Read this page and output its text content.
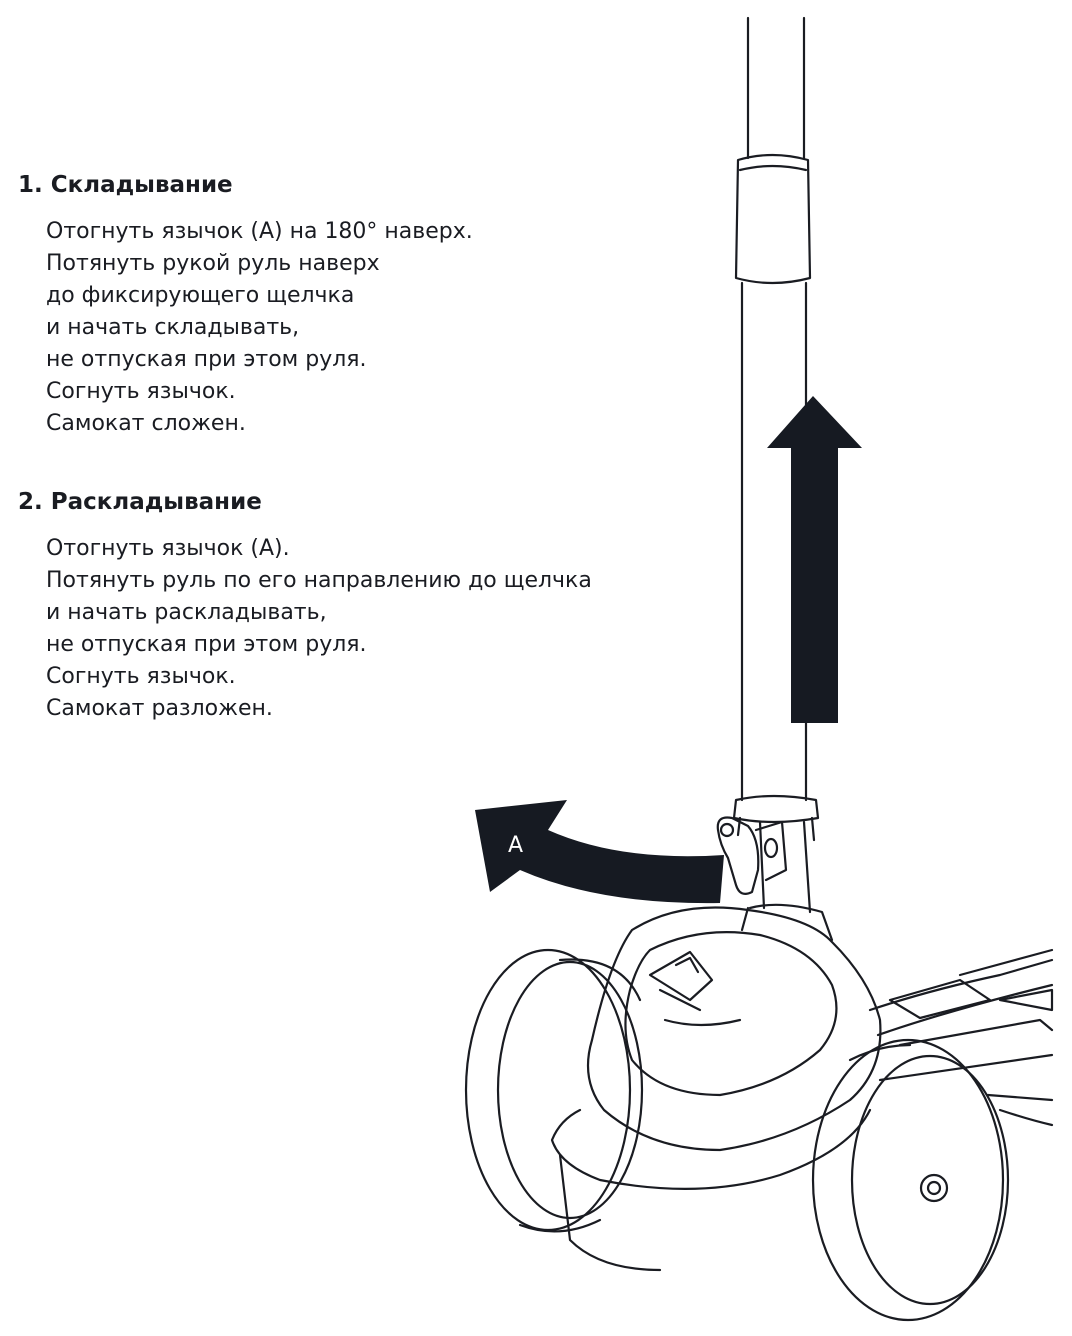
1. Складывание
Отогнуть язычок (А) на 180° наверх.
Потянуть рукой руль наверх
до фиксирующего щелчка
и начать складывать,
не отпуская при этом руля.
Согнуть язычок.
Самокат сложен.
2. Раскладывание
Отогнуть язычок (А).
Потянуть руль по его направлению до щелчка
и начать раскладывать,
не отпуская при этом руля.
Согнуть язычок.
Самокат разложен.
A
